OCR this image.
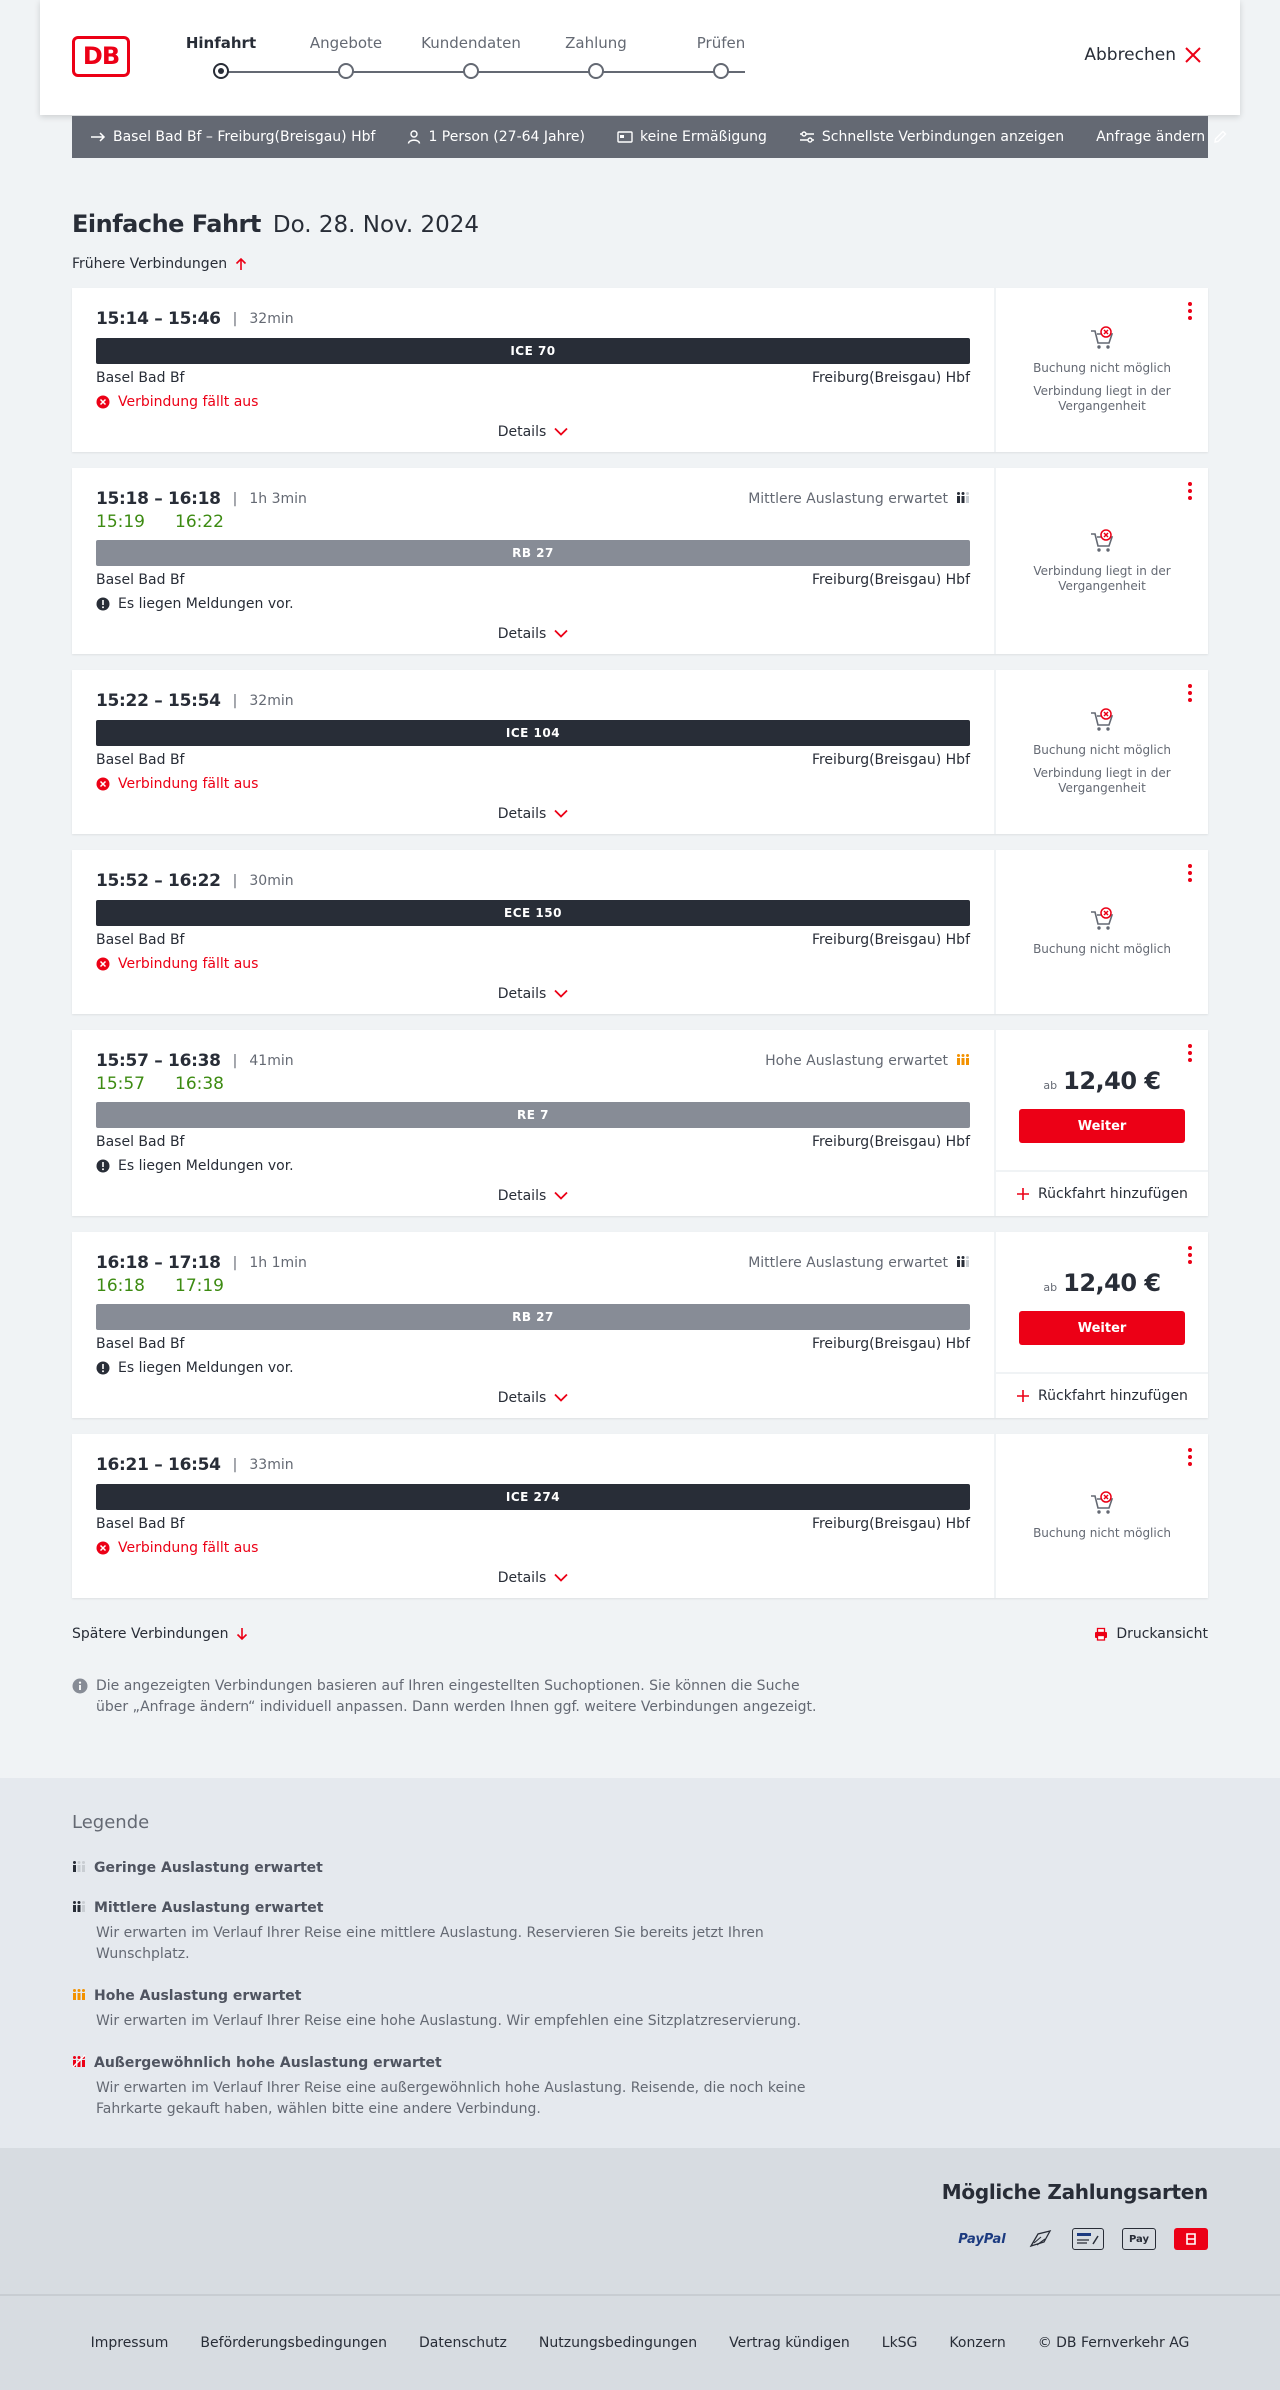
DB	Hinfahrt	Angebote	Kundendaten	Zahlung	Prüfen
Abbrechen
Basel Bad Bf – Freiburg(Breisgau) Hbf	1 Person (27-64 Jahre)	keine Ermäßigung	Schnellste Verbindungen anzeigen Anfrage ändern
Einfache Fahrt Do. 28. Nov. 2024
Frühere Verbindungen
15:14 – 15:46 | 32min
ICE 70
Basel Bad Bf	Freiburg(Breisgau) Hbf
Verbindung fällt aus
Details
Buchung nicht möglich
Verbindung liegt in der Vergangenheit
15:18 – 16:18 | 1h 3min	Mittlere Auslastung erwartet
15:19 16:22
RB 27
Basel Bad Bf	Freiburg(Breisgau) Hbf
Es liegen Meldungen vor.
Details
Verbindung liegt in der Vergangenheit
15:22 – 15:54 | 32min
ICE 104
Basel Bad Bf	Freiburg(Breisgau) Hbf
Verbindung fällt aus
Details
Buchung nicht möglich
Verbindung liegt in der Vergangenheit
15:52 – 16:22 | 30min
ECE 150
Basel Bad Bf	Freiburg(Breisgau) Hbf
Verbindung fällt aus
Details
Buchung nicht möglich
15:57 – 16:38 | 41min	Hohe Auslastung erwartet
15:57 16:38
RE 7
Basel Bad Bf	Freiburg(Breisgau) Hbf
Es liegen Meldungen vor.
Details
ab 12,40 €
Weiter
Rückfahrt hinzufügen
16:18 – 17:18 | 1h 1min	Mittlere Auslastung erwartet
16:18 17:19
RB 27
Basel Bad Bf	Freiburg(Breisgau) Hbf
Es liegen Meldungen vor.
Details
ab 12,40 €
Weiter
Rückfahrt hinzufügen
16:21 – 16:54 | 33min
ICE 274
Basel Bad Bf	Freiburg(Breisgau) Hbf
Verbindung fällt aus
Details
Buchung nicht möglich
Spätere Verbindungen	Druckansicht
Die angezeigten Verbindungen basieren auf Ihren eingestellten Suchoptionen. Sie können die Suche über „Anfrage ändern“ individuell anpassen. Dann werden Ihnen ggf. weitere Verbindungen angezeigt.
Legende
Geringe Auslastung erwartet
Mittlere Auslastung erwartet
Wir erwarten im Verlauf Ihrer Reise eine mittlere Auslastung. Reservieren Sie bereits jetzt Ihren Wunschplatz.
Hohe Auslastung erwartet
Wir erwarten im Verlauf Ihrer Reise eine hohe Auslastung. Wir empfehlen eine Sitzplatzreservierung.
Außergewöhnlich hohe Auslastung erwartet
Wir erwarten im Verlauf Ihrer Reise eine außergewöhnlich hohe Auslastung. Reisende, die noch keine Fahrkarte gekauft haben, wählen bitte eine andere Verbindung.
Mögliche Zahlungsarten
PayPal	Pay
Impressum Beförderungsbedingungen Datenschutz Nutzungsbedingungen Vertrag kündigen LkSG Konzern © DB Fernverkehr AG
